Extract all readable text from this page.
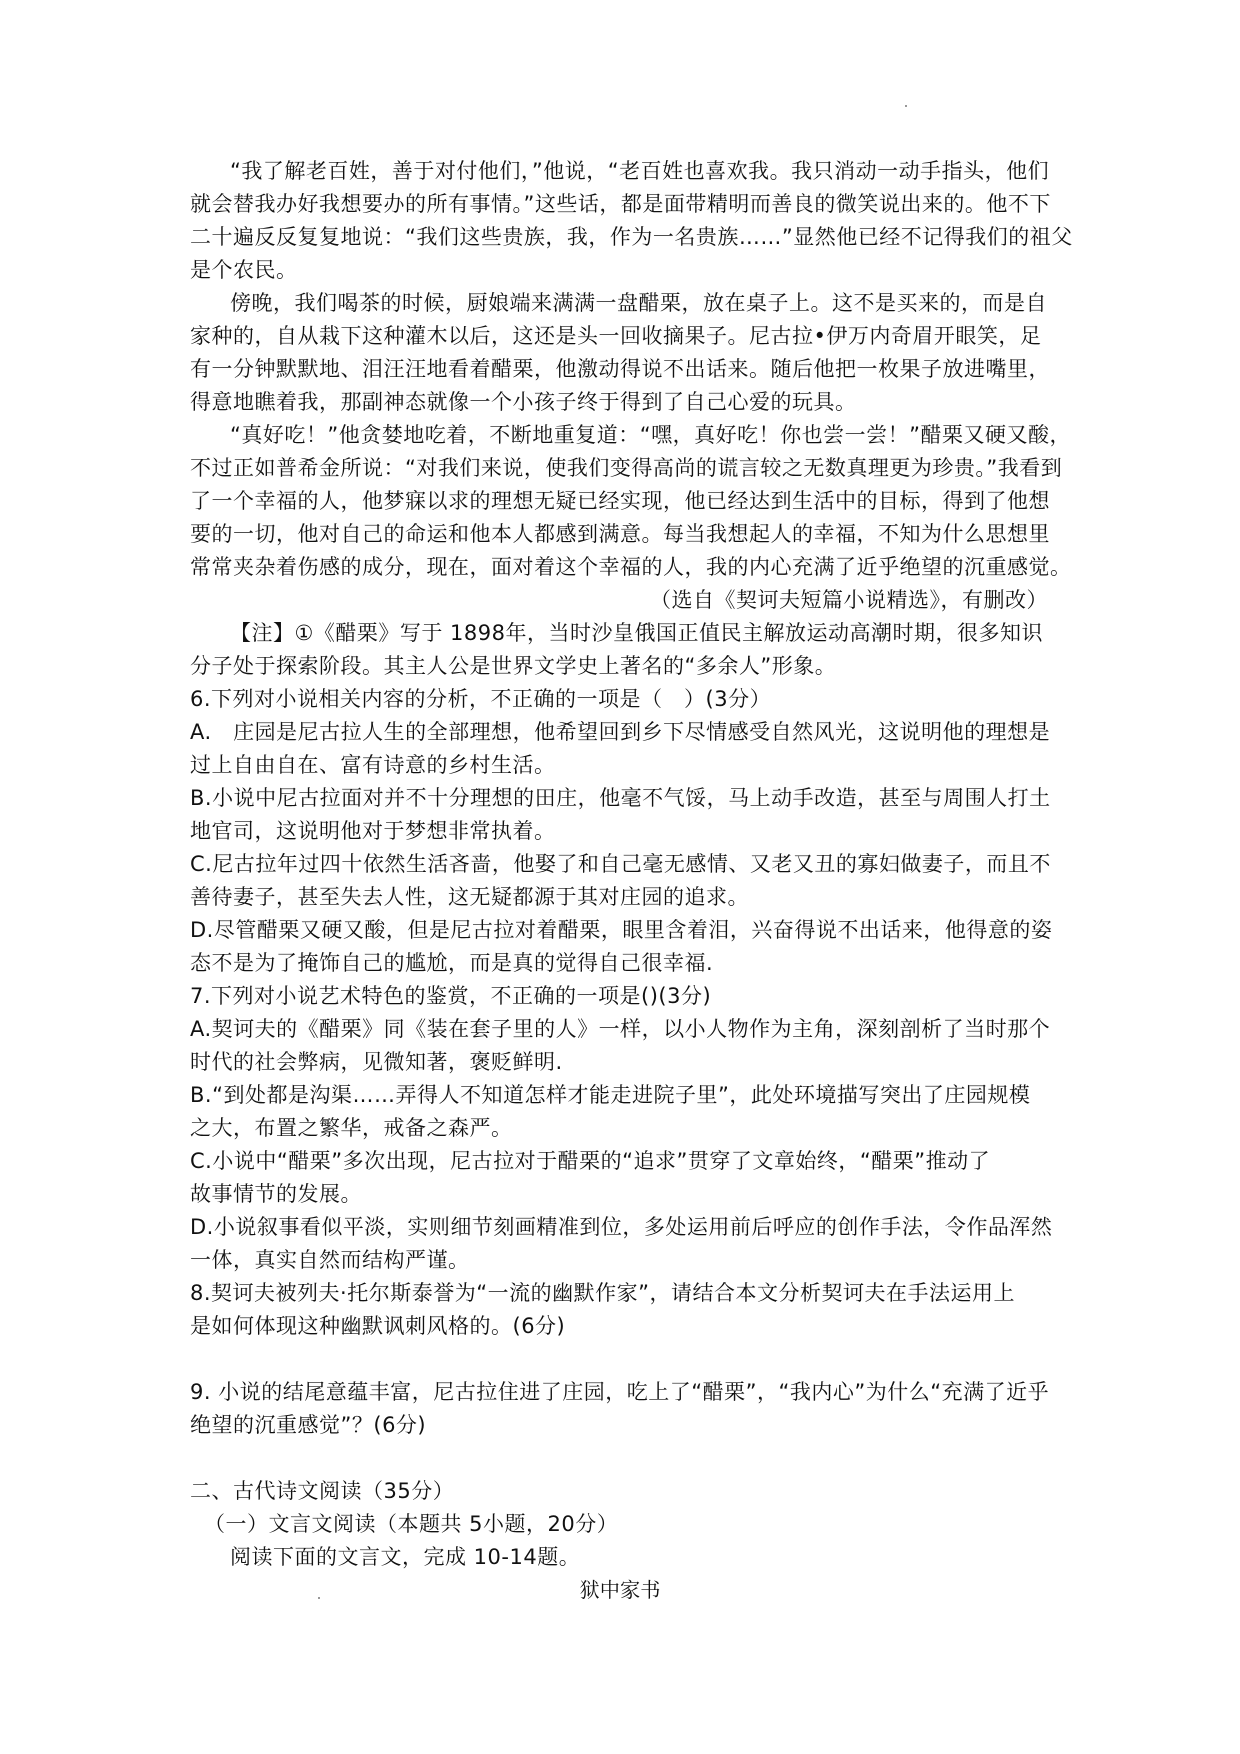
“我了解老百姓，善于对付他们，”他说，“老百姓也喜欢我。我只消动一动手指头，他们
就会替我办好我想要办的所有事情。”这些话，都是面带精明而善良的微笑说出来的。他不下
二十遍反反复复地说：“我们这些贵族，我，作为一名贵族……”显然他已经不记得我们的祖父
是个农民。
傍晚，我们喝茶的时候，厨娘端来满满一盘醋栗，放在桌子上。这不是买来的，而是自
家种的，自从栽下这种灌木以后，这还是头一回收摘果子。尼古拉•伊万内奇眉开眼笑，足
有一分钟默默地、泪汪汪地看着醋栗，他激动得说不出话来。随后他把一枚果子放进嘴里，
得意地瞧着我，那副神态就像一个小孩子终于得到了自己心爱的玩具。
“真好吃！”他贪婪地吃着，不断地重复道：“嘿，真好吃！你也尝一尝！”醋栗又硬又酸，
不过正如普希金所说：“对我们来说，使我们变得高尚的谎言较之无数真理更为珍贵。”我看到
了一个幸福的人，他梦寐以求的理想无疑已经实现，他已经达到生活中的目标，得到了他想
要的一切，他对自己的命运和他本人都感到满意。每当我想起人的幸福，不知为什么思想里
常常夹杂着伤感的成分，现在，面对着这个幸福的人，我的内心充满了近乎绝望的沉重感觉。
（选自《契诃夫短篇小说精选》，有删改）
【注】①《醋栗》写于 1898年，当时沙皇俄国正值民主解放运动高潮时期，很多知识
分子处于探索阶段。其主人公是世界文学史上著名的“多余人”形象。
6.下列对小说相关内容的分析，不正确的一项是（　）(3分）
A.　庄园是尼古拉人生的全部理想，他希望回到乡下尽情感受自然风光，这说明他的理想是
过上自由自在、富有诗意的乡村生活。
B.小说中尼古拉面对并不十分理想的田庄，他毫不气馁，马上动手改造，甚至与周围人打土
地官司，这说明他对于梦想非常执着。
C.尼古拉年过四十依然生活吝啬，他娶了和自己毫无感情、又老又丑的寡妇做妻子，而且不
善待妻子，甚至失去人性，这无疑都源于其对庄园的追求。
D.尽管醋栗又硬又酸，但是尼古拉对着醋栗，眼里含着泪，兴奋得说不出话来，他得意的姿
态不是为了掩饰自己的尴尬，而是真的觉得自己很幸福.
7.下列对小说艺术特色的鉴赏，不正确的一项是()(3分)
A.契诃夫的《醋栗》同《装在套子里的人》一样，以小人物作为主角，深刻剖析了当时那个
时代的社会弊病，见微知著，褒贬鲜明.
B.“到处都是沟渠……弄得人不知道怎样才能走进院子里”，此处环境描写突出了庄园规模
之大，布置之繁华，戒备之森严。
C.小说中“醋栗”多次出现，尼古拉对于醋栗的“追求”贯穿了文章始终，“醋栗”推动了
故事情节的发展。
D.小说叙事看似平淡，实则细节刻画精准到位，多处运用前后呼应的创作手法，令作品浑然
一体，真实自然而结构严谨。
8.契诃夫被列夫·托尔斯泰誉为“一流的幽默作家”，请结合本文分析契诃夫在手法运用上
是如何体现这种幽默讽刺风格的。(6分)
9. 小说的结尾意蕴丰富，尼古拉住进了庄园，吃上了“醋栗”，“我内心”为什么“充满了近乎
绝望的沉重感觉”？(6分)
二、古代诗文阅读（35分）
（一）文言文阅读（本题共 5小题，20分）
阅读下面的文言文，完成 10-14题。
狱中家书
